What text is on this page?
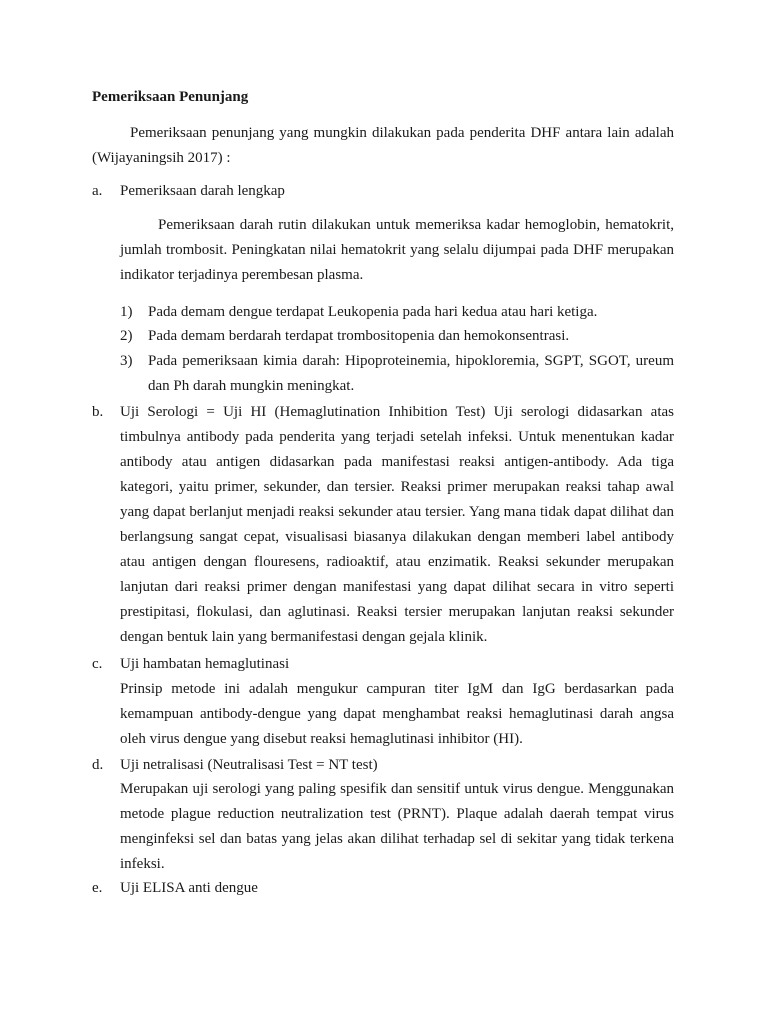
Pemeriksaan Penunjang

Pemeriksaan penunjang yang mungkin dilakukan pada penderita DHF antara lain adalah (Wijayaningsih 2017) :

a. Pemeriksaan darah lengkap

Pemeriksaan darah rutin dilakukan untuk memeriksa kadar hemoglobin, hematokrit, jumlah trombosit. Peningkatan nilai hematokrit yang selalu dijumpai pada DHF merupakan indikator terjadinya perembesan plasma.

1) Pada demam dengue terdapat Leukopenia pada hari kedua atau hari ketiga.

2) Pada demam berdarah terdapat trombositopenia dan hemokonsentrasi.

3) Pada pemeriksaan kimia darah: Hipoproteinemia, hipokloremia, SGPT, SGOT, ureum dan Ph darah mungkin meningkat.

b. Uji Serologi = Uji HI (Hemaglutination Inhibition Test) Uji serologi didasarkan atas timbulnya antibody pada penderita yang terjadi setelah infeksi. Untuk menentukan kadar antibody atau antigen didasarkan pada manifestasi reaksi antigen-antibody. Ada tiga kategori, yaitu primer, sekunder, dan tersier. Reaksi primer merupakan reaksi tahap awal yang dapat berlanjut menjadi reaksi sekunder atau tersier. Yang mana tidak dapat dilihat dan berlangsung sangat cepat, visualisasi biasanya dilakukan dengan memberi label antibody atau antigen dengan flouresens, radioaktif, atau enzimatik. Reaksi sekunder merupakan lanjutan dari reaksi primer dengan manifestasi yang dapat dilihat secara in vitro seperti prestipitasi, flokulasi, dan aglutinasi. Reaksi tersier merupakan lanjutan reaksi sekunder dengan bentuk lain yang bermanifestasi dengan gejala klinik.

c. Uji hambatan hemaglutinasi

Prinsip metode ini adalah mengukur campuran titer IgM dan IgG berdasarkan pada kemampuan antibody-dengue yang dapat menghambat reaksi hemaglutinasi darah angsa oleh virus dengue yang disebut reaksi hemaglutinasi inhibitor (HI).

d. Uji netralisasi (Neutralisasi Test = NT test)

Merupakan uji serologi yang paling spesifik dan sensitif untuk virus dengue. Menggunakan metode plague reduction neutralization test (PRNT). Plaque adalah daerah tempat virus menginfeksi sel dan batas yang jelas akan dilihat terhadap sel di sekitar yang tidak terkena infeksi.

e. Uji ELISA anti dengue
